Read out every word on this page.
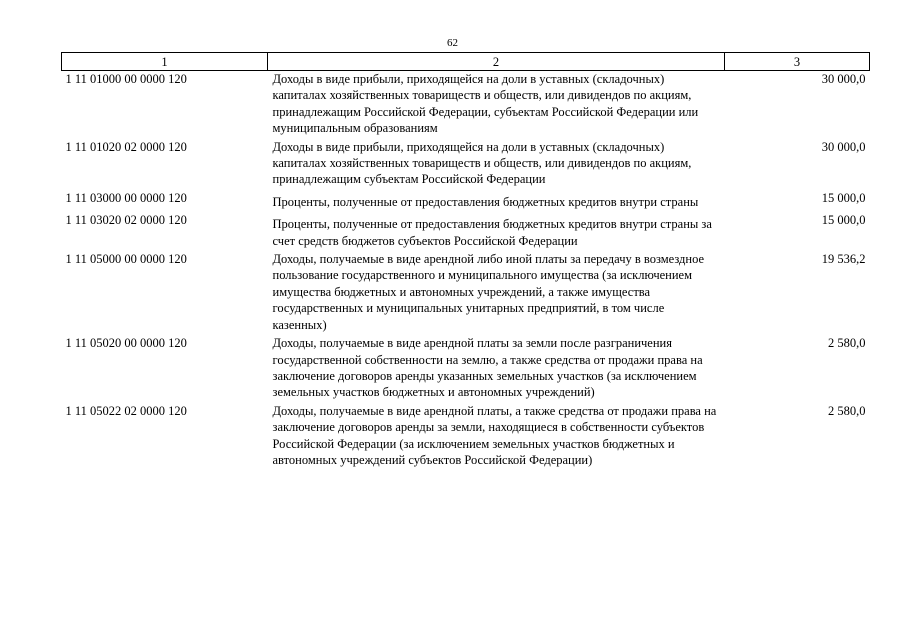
62
1	2	3
1 11 01000 00 0000 120	Доходы в виде прибыли, приходящейся на доли в уставных (складочных) капиталах хозяйственных товариществ и обществ, или дивидендов по акциям, принадлежащим Российской Федерации, субъектам Российской Федерации или муниципальным образованиям	30 000,0
1 11 01020 02 0000 120	Доходы в виде прибыли, приходящейся на доли в уставных (складочных) капиталах хозяйственных товариществ и обществ, или дивидендов по акциям, принадлежащим субъектам Российской Федерации	30 000,0
1 11 03000 00 0000 120	Проценты, полученные от предоставления бюджетных кредитов внутри страны	15 000,0
1 11 03020 02 0000 120	Проценты, полученные от предоставления бюджетных кредитов внутри страны за счет средств бюджетов субъектов Российской Федерации	15 000,0
1 11 05000 00 0000 120	Доходы, получаемые в виде арендной либо иной платы за передачу в возмездное пользование государственного и муниципального имущества (за исключением имущества бюджетных и автономных учреждений, а также имущества государственных и муниципальных унитарных предприятий, в том числе казенных)	19 536,2
1 11 05020 00 0000 120	Доходы, получаемые в виде арендной платы за земли после разграничения государственной собственности на землю, а также средства от продажи права на заключение договоров аренды указанных земельных участков (за исключением земельных участков бюджетных и автономных учреждений)	2 580,0
1 11 05022 02 0000 120	Доходы, получаемые в виде арендной платы, а также средства от продажи права на заключение договоров аренды за земли, находящиеся в собственности субъектов Российской Федерации (за исключением земельных участков бюджетных и автономных учреждений субъектов Российской Федерации)	2 580,0
